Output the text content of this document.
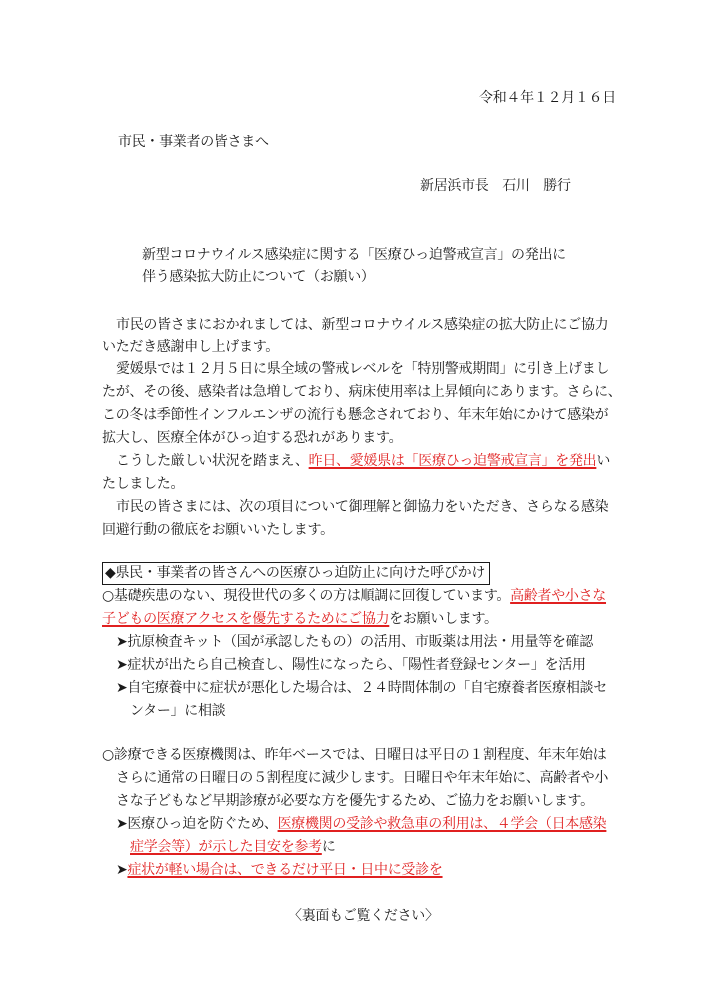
令和４年１２月１６日
市民・事業者の皆さまへ
新居浜市長　石川　勝行
新型コロナウイルス感染症に関する「医療ひっ迫警戒宣言」の発出に
伴う感染拡大防止について（お願い）
市民の皆さまにおかれましては、新型コロナウイルス感染症の拡大防止にご協力
いただき感謝申し上げます。
愛媛県では１２月５日に県全域の警戒レベルを「特別警戒期間」に引き上げまし
たが、その後、感染者は急増しており、病床使用率は上昇傾向にあります。さらに、
この冬は季節性インフルエンザの流行も懸念されており、年末年始にかけて感染が
拡大し、医療全体がひっ迫する恐れがあります。
こうした厳しい状況を踏まえ、昨日、愛媛県は「医療ひっ迫警戒宣言」を発出い
たしました。
市民の皆さまには、次の項目について御理解と御協力をいただき、さらなる感染
回避行動の徹底をお願いいたします。
◆県民・事業者の皆さんへの医療ひっ迫防止に向けた呼びかけ
○基礎疾患のない、現役世代の多くの方は順調に回復しています。高齢者や小さな
子どもの医療アクセスを優先するためにご協力をお願いします。
➤抗原検査キット（国が承認したもの）の活用、市販薬は用法・用量等を確認
➤症状が出たら自己検査し、陽性になったら、「陽性者登録センター」を活用
➤自宅療養中に症状が悪化した場合は、２４時間体制の「自宅療養者医療相談セ
ンター」に相談
○診療できる医療機関は、昨年ベースでは、日曜日は平日の１割程度、年末年始は
さらに通常の日曜日の５割程度に減少します。日曜日や年末年始に、高齢者や小
さな子どもなど早期診療が必要な方を優先するため、ご協力をお願いします。
➤医療ひっ迫を防ぐため、医療機関の受診や救急車の利用は、４学会（日本感染
症学会等）が示した目安を参考に
➤症状が軽い場合は、できるだけ平日・日中に受診を
〈裏面もご覧ください〉
